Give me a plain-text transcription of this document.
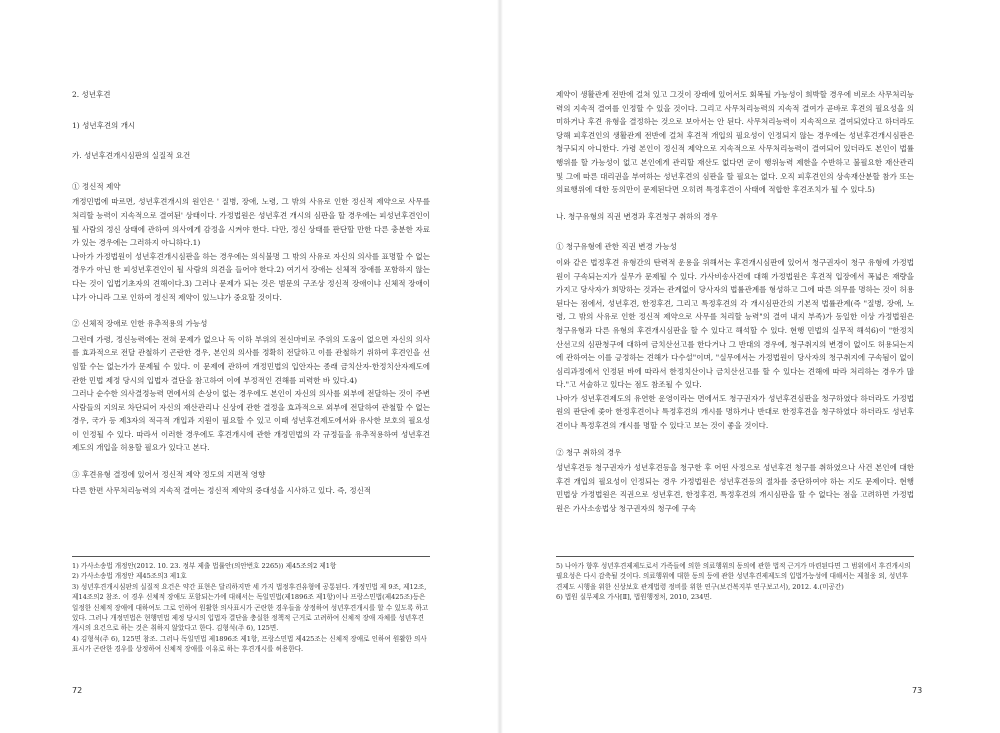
2. 성년후견

1) 성년후견의 개시

가. 성년후견개시심판의 실질적 요건

① 정신적 제약

개정민법에 따르면, 성년후견개시의 원인은 ' 질병, 장애, 노령, 그 밖의 사유로 인한 정신적 제약으로 사무를 처리할 능력이 지속적으로 결여된' 상태이다. 가정법원은 성년후견 개시의 심판을 할 경우에는 피성년후견인이 될 사람의 정신 상태에 관하여 의사에게 감정을 시켜야 한다. 다만, 정신 상태를 판단할 만한 다른 충분한 자료가 있는 경우에는 그러하지 아니하다.1)

나아가 가정법원이 성년후견개시심판을 하는 경우에는 의식불명 그 밖의 사유로 자신의 의사를 표명할 수 없는 경우가 아닌 한 피성년후견인이 될 사람의 의견을 들어야 한다.2) 여기서 장애는 신체적 장애를 포함하지 않는다는 것이 입법기초자의 견해이다.3) 그러나 문제가 되는 것은 범문의 구조상 정신적 장애이냐 신체적 장애이냐가 아니라 그로 인하여 정신적 제약이 있느냐가 중요할 것이다.

② 신체적 장애로 인한 유추적용의 가능성

그런데 가령, 정신능력에는 전혀 문제가 없으나 독 이하 부위의 전신마비로 주위의 도움이 없으면 자신의 의사를 효과적으로 전달 관철하기 곤란한 경우, 본인의 의사를 정확히 전달하고 이를 관철하기 위하여 후견인을 선임할 수는 없는가가 문제될 수 있다. 이 문제에 관하여 개정민법의 입안자는 종래 금치산자·한정치산자제도에 관한 민법 제정 당시의 입법자 결단을 참고하여 이에 부정적인 견해를 피력한 바 있다.4)

그러나 순수한 의사결정능력 면에서의 손상이 없는 경우에도 본인이 자신의 의사를 외부에 전달하는 것이 주변사람들의 지의로 차단되어 자신의 재산관리나 신상에 관한 결정을 효과적으로 외부에 전달하여 관철할 수 없는 경우, 국가 등 제3자의 적극적 개입과 지원이 필요할 수 있고 이때 성년후견제도에서와 유사한 보호의 필요성이 인정될 수 있다. 따라서 이러한 경우에도 후견개시에 관한 개정민법의 각 규정들을 유추적용하여 성년후견제도의 개입을 허용할 필요가 있다고 본다.

③ 후견유형 결정에 있어서 정신적 제약 정도의 지편적 영향

다른 한편 사무처리능력의 지속적 결여는 정신적 제약의 중대성을 시사하고 있다. 즉, 정신적

1) 가사소송법 개정안(2012. 10. 23. 정부 제출 법률안(의안번호 2265)) 제45조의2 제1항

2) 가사소송법 개정안 제45조의3 제1호

3) 성년후견개시심판의 실질적 요건은 약간 표현은 달리하지만 세 가지 법정후견유형에 공통된다. 개정민법 제 9조, 제12조, 제14조의2 참조. 이 경우 신체적 장애도 포함되는가에 대해서는 독일민법(제1896조 제1항)이나 프랑스민법(제425조)등은 일정한 신체적 장애에 대하여도 그로 인하여 원활한 의사표시가 곤란한 경우들을 상정하여 성년후견개시를 할 수 있도록 하고 있다. 그러나 개정민법은 현행민법 제정 당시의 입법자 결단을 충실한 정책적 근거로 고려하여 신체적 장애 자체를 성년후견 개시의 요건으로 하는 것은 취하지 않았다고 한다. 김형석(주 6), 125면.

4) 김형석(주 6), 125면 참조. 그러나 독일민법 제1896조 제1항, 프랑스민법 제425조는 신체적 장애로 인하여 원활한 의사표시가 곤란한 경우를 상정하여 신체적 장애를 이유로 하는 후견개시를 허용한다.

72

제약이 생활관계 전반에 걸쳐 있고 그것이 장래에 있어서도 회복될 가능성이 희박할 경우에 비로소 사무처리능력의 지속적 결여를 인정할 수 있을 것이다. 그리고 사무처리능력의 지속적 결여가 곧바로 후견의 필요성을 의미하거나 후견 유형을 결정하는 것으로 보아서는 안 된다. 사무처리능력이 지속적으로 결여되었다고 하더라도 당해 피후견인의 생활관계 전반에 걸쳐 후견적 개입의 필요성이 인정되지 않는 경우에는 성년후견개시심판은 청구되지 아니한다. 가령 본인이 정신적 제약으로 지속적으로 사무처리능력이 결여되어 있더라도 본인이 법률행위를 할 가능성이 없고 본인에게 관리할 재산도 없다면 굳이 행위능력 제한을 수반하고 불필요한 재산관리 및 그에 따른 대리권을 부여하는 성년후견의 심판을 할 필요는 없다. 오직 피후견인의 상속재산분할 참가 또는 의료행위에 대한 동의만이 문제된다면 오히려 특정후견이 사태에 적합한 후견조치가 될 수 있다.5)

나. 청구유형의 직권 변경과 후견청구 취하의 경우

① 청구유형에 관한 직권 변경 가능성

이와 같은 법정후견 유형간의 탄력적 운용을 위해서는 후견개시심판에 있어서 청구권자이 청구 유형에 가정법원이 구속되는지가 실무가 문제될 수 있다. 가사비송사건에 대해 가정법원은 후견적 입장에서 폭넓은 재량을 가지고 당사자가 희망하는 것과는 관계없이 당사자의 법률관계를 형성하고 그에 따른 의무를 명하는 것이 허용된다는 점에서, 성년후견, 한정후견, 그리고 특정후견의 각 개시심판간의 기본적 법률관계(즉 "질병, 장애, 노령, 그 밖의 사유로 인한 정신적 제약으로 사무를 처리할 능력"의 결여 내지 부족)가 동일한 이상 가정법원은 청구유형과 다른 유형의 후견개시심판을 할 수 있다고 해석할 수 있다. 현행 민법의 실무적 해석6)이 "한정치산선고의 심판청구에 대하여 금치산선고를 한다거나 그 반대의 경우에, 청구취지의 변경이 없이도 허용되는지에 관하여는 이를 긍정하는 견해가 다수설"이며, "실무에서는 가정법원이 당사자의 청구취지에 구속됨이 없이 심리과정에서 인정된 바에 따라서 한정치산이나 금치산선고를 할 수 있다는 견해에 따라 처리하는 경우가 많다."고 서술하고 있다는 점도 참조될 수 있다.

나아가 성년후견제도의 유연한 운영이라는 면에서도 청구권자가 성년후견심판을 청구하였다 하더라도 가정법원의 판단에 좇아 한정후견이나 특정후견의 개시를 명하거나 반대로 한정후견을 청구하였다 하더라도 성년후견이나 특정후견의 개시를 명할 수 있다고 보는 것이 좋을 것이다.

② 청구 취하의 경우

성년후견등 청구권자가 성년후견등을 청구한 후 어떤 사정으로 성년후견 청구를 취하였으나 사건 본인에 대한 후견 개입의 필요성이 인정되는 경우 가정법원은 성년후견등의 절차를 중단하여야 하는 지도 문제이다. 현행 민법상 가정법원은 직권으로 성년후견, 한정후견, 특정후견의 개시심판을 할 수 없다는 점을 고려하면 가정법원은 가사소송법상 청구권자의 청구에 구속

5) 나아가 향후 성년후견제제도로서 가족들에 의한 의료행위의 동의에 관한 법적 근거가 마련된다면 그 범위에서 후견개시의 필요성은 다시 감축될 것이다. 의료행위에 대한 동의 등에 관한 성년후견제제도의 입법가능성에 대해서는 제철웅 외, 성년후견제도 시행을 위한 신상보호 관계법령 정비를 위한 연구(보건복지부 연구보고서), 2012. 4.(미공간)

6) 법원 실무제요 가사[Ⅱ], 법원행정처, 2010, 234면.

73
